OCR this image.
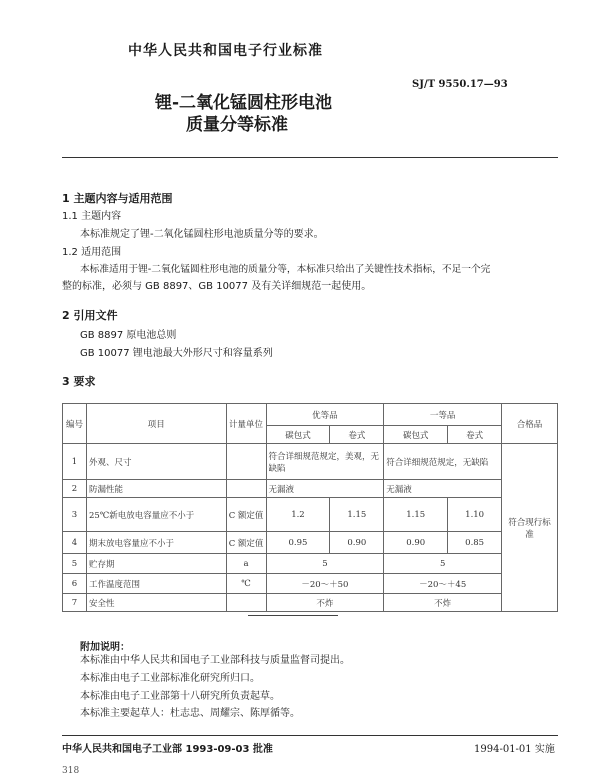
中华人民共和国电子行业标准
锂-二氧化锰圆柱形电池
质量分等标准
SJ/T 9550.17—93
1 主题内容与适用范围
1.1 主题内容
本标准规定了锂-二氧化锰圆柱形电池质量分等的要求。
1.2 适用范围
本标准适用于锂-二氧化锰圆柱形电池的质量分等，本标准只给出了关键性技术指标，不足一个完
整的标准，必须与 GB 8897、GB 10077 及有关详细规范一起使用。
2 引用文件
GB 8897 原电池总则
GB 10077 锂电池最大外形尺寸和容量系列
3 要求
编号	项目	计量单位	优等品		一等品		合格品
			碳包式	卷式	碳包式	卷式	
1	外观、尺寸		符合详细规范规定，美观，无缺陷		符合详细规范规定，无缺陷		符合现行标准
2	防漏性能		无漏液		无漏液		
3	25℃新电放电容量应不小于	C 额定值	1.2	1.15	1.15	1.10	
4	期末放电容量应不小于	C 额定值	0.95	0.90	0.90	0.85	
5	贮存期	a	5		5		
6	工作温度范围	℃	－20～＋50		－20～＋45		
7	安全性		不炸		不炸		
附加说明：
本标准由中华人民共和国电子工业部科技与质量监督司提出。
本标准由电子工业部标准化研究所归口。
本标准由电子工业部第十八研究所负责起草。
本标准主要起草人：杜志忠、周耀宗、陈厚循等。
中华人民共和国电子工业部 1993-09-03 批准	1994-01-01 实施
318
